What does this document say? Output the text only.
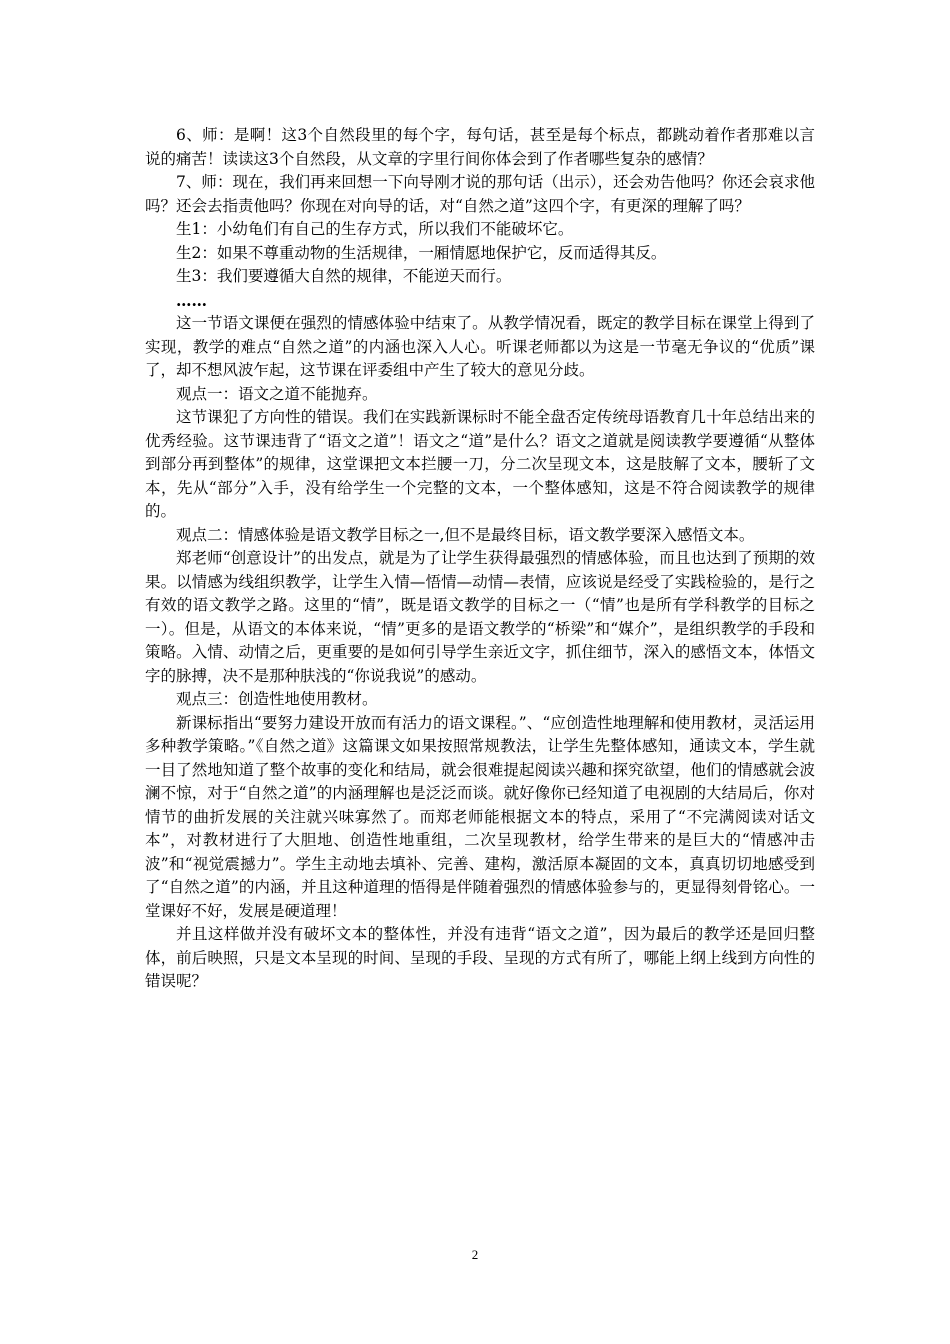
6、师：是啊！这3个自然段里的每个字，每句话，甚至是每个标点，都跳动着作者那难以言说的痛苦！读读这3个自然段，从文章的字里行间你体会到了作者哪些复杂的感情？

7、师：现在，我们再来回想一下向导刚才说的那句话（出示），还会劝告他吗？你还会哀求他吗？还会去指责他吗？你现在对向导的话，对“自然之道”这四个字，有更深的理解了吗？

生1：小幼龟们有自己的生存方式，所以我们不能破坏它。

生2：如果不尊重动物的生活规律，一厢情愿地保护它，反而适得其反。

生3：我们要遵循大自然的规律，不能逆天而行。

……

这一节语文课便在强烈的情感体验中结束了。从教学情况看，既定的教学目标在课堂上得到了实现，教学的难点“自然之道”的内涵也深入人心。听课老师都以为这是一节毫无争议的“优质”课了，却不想风波乍起，这节课在评委组中产生了较大的意见分歧。

观点一：语文之道不能抛弃。

这节课犯了方向性的错误。我们在实践新课标时不能全盘否定传统母语教育几十年总结出来的优秀经验。这节课违背了“语文之道”！语文之“道”是什么？语文之道就是阅读教学要遵循“从整体到部分再到整体”的规律，这堂课把文本拦腰一刀，分二次呈现文本，这是肢解了文本，腰斩了文本，先从“部分”入手，没有给学生一个完整的文本，一个整体感知，这是不符合阅读教学的规律的。

观点二：情感体验是语文教学目标之一,但不是最终目标，语文教学要深入感悟文本。

郑老师“创意设计”的出发点，就是为了让学生获得最强烈的情感体验，而且也达到了预期的效果。以情感为线组织教学，让学生入情—悟情—动情—表情，应该说是经受了实践检验的，是行之有效的语文教学之路。这里的“情”，既是语文教学的目标之一（“情”也是所有学科教学的目标之一）。但是，从语文的本体来说，“情”更多的是语文教学的“桥梁”和“媒介”，是组织教学的手段和策略。入情、动情之后，更重要的是如何引导学生亲近文字，抓住细节，深入的感悟文本，体悟文字的脉搏，决不是那种肤浅的“你说我说”的感动。

观点三：创造性地使用教材。

新课标指出“要努力建设开放而有活力的语文课程。”、“应创造性地理解和使用教材，灵活运用多种教学策略。”《自然之道》这篇课文如果按照常规教法，让学生先整体感知，通读文本，学生就一目了然地知道了整个故事的变化和结局，就会很难提起阅读兴趣和探究欲望，他们的情感就会波澜不惊，对于“自然之道”的内涵理解也是泛泛而谈。就好像你已经知道了电视剧的大结局后，你对情节的曲折发展的关注就兴味寡然了。而郑老师能根据文本的特点，采用了“不完满阅读对话文本”，对教材进行了大胆地、创造性地重组，二次呈现教材，给学生带来的是巨大的“情感冲击波”和“视觉震撼力”。学生主动地去填补、完善、建构，激活原本凝固的文本，真真切切地感受到了“自然之道”的内涵，并且这种道理的悟得是伴随着强烈的情感体验参与的，更显得刻骨铭心。一堂课好不好，发展是硬道理！

并且这样做并没有破坏文本的整体性，并没有违背“语文之道”，因为最后的教学还是回归整体，前后映照，只是文本呈现的时间、呈现的手段、呈现的方式有所了，哪能上纲上线到方向性的错误呢？

2
